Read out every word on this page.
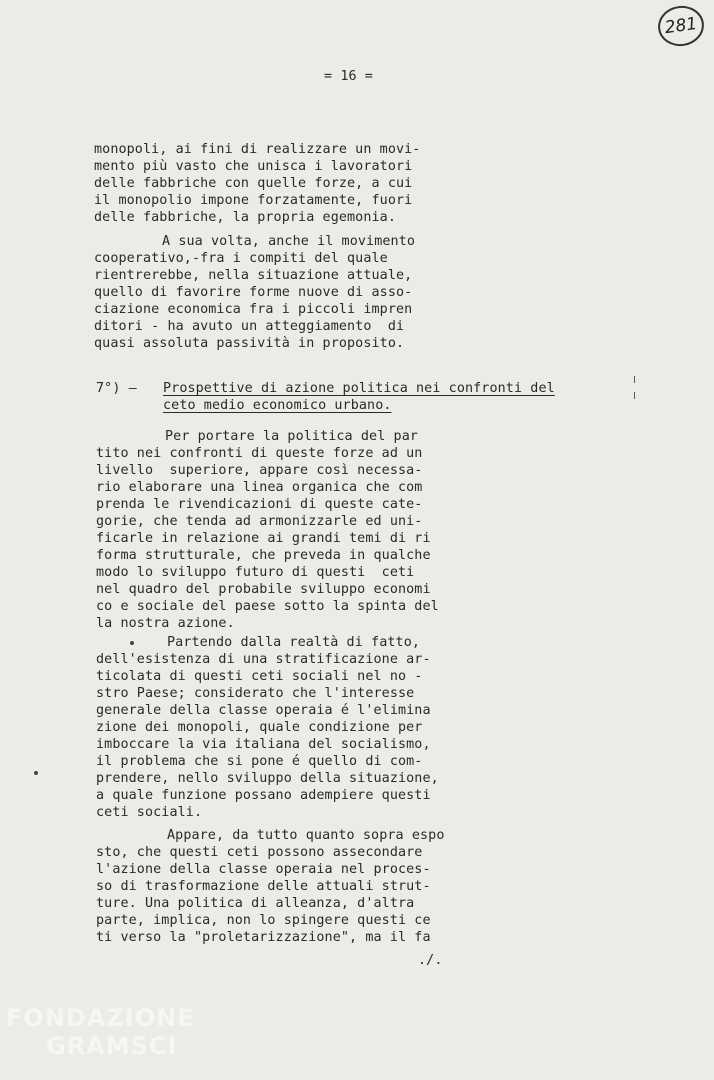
281
= 16 =
monopoli, ai fini di realizzare un movi-
mento più vasto che unisca i lavoratori
delle fabbriche con quelle forze, a cui
il monopolio impone forzatamente, fuori
delle fabbriche, la propria egemonia.
A sua volta, anche il movimento
cooperativo,-fra i compiti del quale
rientrerebbe, nella situazione attuale,
quello di favorire forme nuove di asso-
ciazione economica fra i piccoli impren
ditori - ha avuto un atteggiamento  di
quasi assoluta passività in proposito.
7°) – Prospettive di azione politica nei confronti del
ceto medio economico urbano.
Per portare la politica del par
tito nei confronti di queste forze ad un
livello  superiore, appare così necessa-
rio elaborare una linea organica che com
prenda le rivendicazioni di queste cate-
gorie, che tenda ad armonizzarle ed uni-
ficarle in relazione ai grandi temi di ri
forma strutturale, che preveda in qualche
modo lo sviluppo futuro di questi  ceti
nel quadro del probabile sviluppo economi
co e sociale del paese sotto la spinta del
la nostra azione.
Partendo dalla realtà di fatto,
dell'esistenza di una stratificazione ar-
ticolata di questi ceti sociali nel no -
stro Paese; considerato che l'interesse
generale della classe operaia é l'elimina
zione dei monopoli, quale condizione per
imboccare la via italiana del socialismo,
il problema che si pone é quello di com-
prendere, nello sviluppo della situazione,
a quale funzione possano adempiere questi
ceti sociali.
Appare, da tutto quanto sopra espo
sto, che questi ceti possono assecondare
l'azione della classe operaia nel proces-
so di trasformazione delle attuali strut-
ture. Una politica di alleanza, d'altra
parte, implica, non lo spingere questi ce
ti verso la "proletarizzazione", ma il fa
./.
FONDAZIONE
GRAMSCI
